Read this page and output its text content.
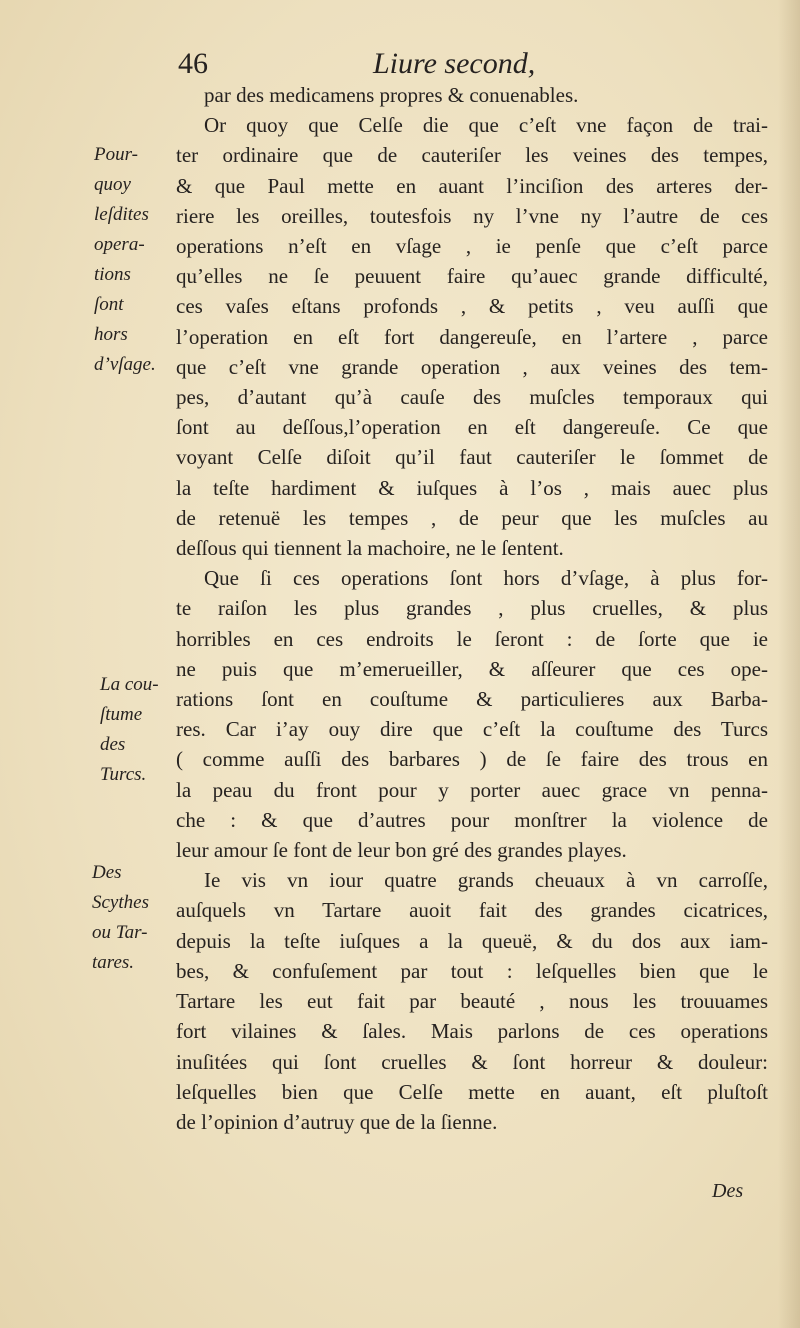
46	Liure second,

par des medicamens propres & conuenables.

Or quoy que Celſe die que c’eſt vne façon de trai-
ter ordinaire que de cauteriſer les veines des tempes,
& que Paul mette en auant l’inciſion des arteres der-
riere les oreilles, toutesfois ny l’vne ny l’autre de ces
operations n’eſt en vſage , ie penſe que c’eſt parce
qu’elles ne ſe peuuent faire qu’auec grande difficulté,
ces vaſes eſtans profonds , & petits , veu auſſi que
l’operation en eſt fort dangereuſe, en l’artere , parce
que c’eſt vne grande operation , aux veines des tem-
pes, d’autant qu’à cauſe des muſcles temporaux qui
ſont au deſſous,l’operation en eſt dangereuſe. Ce que
voyant Celſe diſoit qu’il faut cauteriſer le ſommet de
la teſte hardiment & iuſques à l’os , mais auec plus
de retenuë les tempes , de peur que les muſcles au
deſſous qui tiennent la machoire, ne le ſentent.

Que ſi ces operations ſont hors d’vſage, à plus for-
te raiſon les plus grandes , plus cruelles, & plus
horribles en ces endroits le ſeront : de ſorte que ie
ne puis que m’emerueiller, & aſſeurer que ces ope-
rations ſont en couſtume & particulieres aux Barba-
res. Car i’ay ouy dire que c’eſt la couſtume des Turcs
( comme auſſi des barbares ) de ſe faire des trous en
la peau du front pour y porter auec grace vn penna-
che : & que d’autres pour monſtrer la violence de
leur amour ſe font de leur bon gré des grandes playes.

Ie vis vn iour quatre grands cheuaux à vn carroſſe,
auſquels vn Tartare auoit fait des grandes cicatrices,
depuis la teſte iuſques a la queuë, & du dos aux iam-
bes, & confuſement par tout : leſquelles bien que le
Tartare les eut fait par beauté , nous les trouuames
fort vilaines & ſales. Mais parlons de ces operations
inuſitées qui ſont cruelles & ſont horreur & douleur:
leſquelles bien que Celſe mette en auant, eſt pluſtoſt
de l’opinion d’autruy que de la ſienne.

Pour-
quoy
leſdites
opera-
tions
ſont
hors
d’vſage.
La cou-
ſtume
des
Turcs.
Des
Scythes
ou Tar-
tares.
Des
